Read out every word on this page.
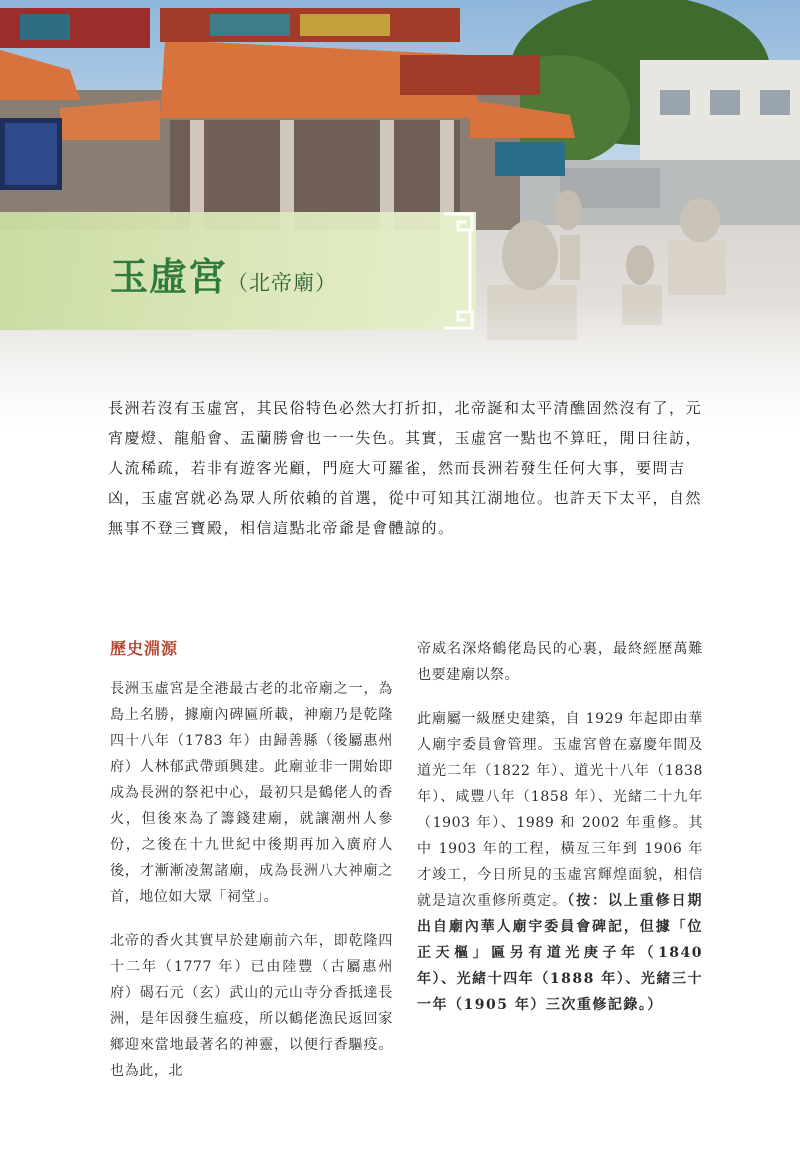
玉虛宮（北帝廟）

長洲若沒有玉虛宮，其民俗特色必然大打折扣，北帝誕和太平清醮固然沒有了，元宵慶燈、龍船會、盂蘭勝會也一一失色。其實，玉虛宮一點也不算旺，閒日往訪，人流稀疏，若非有遊客光顧，門庭大可羅雀，然而長洲若發生任何大事，要問吉凶，玉虛宮就必為眾人所依賴的首選，從中可知其江湖地位。也許天下太平，自然無事不登三寶殿，相信這點北帝爺是會體諒的。

歷史淵源

長洲玉虛宮是全港最古老的北帝廟之一，為島上名勝，據廟內碑匾所載，神廟乃是乾隆四十八年（1783 年）由歸善縣（後屬惠州府）人林郁武帶頭興建。此廟並非一開始即成為長洲的祭祀中心，最初只是鶴佬人的香火，但後來為了籌錢建廟，就讓潮州人參份，之後在十九世紀中後期再加入廣府人後，才漸漸凌駕諸廟，成為長洲八大神廟之首，地位如大眾「祠堂」。

北帝的香火其實早於建廟前六年，即乾隆四十二年（1777 年）已由陸豐（古屬惠州府）碣石元（玄）武山的元山寺分香抵達長洲，是年因發生瘟疫，所以鶴佬漁民返回家鄉迎來當地最著名的神靈，以便行香驅疫。也為此，北

帝威名深烙鶴佬島民的心裏，最終經歷萬難也要建廟以祭。

此廟屬一級歷史建築，自 1929 年起即由華人廟宇委員會管理。玉虛宮曾在嘉慶年間及道光二年（1822 年）、道光十八年（1838 年）、咸豐八年（1858 年）、光緒二十九年（1903 年）、1989 和 2002 年重修。其中 1903 年的工程，橫亙三年到 1906 年才竣工，今日所見的玉虛宮輝煌面貌，相信就是這次重修所奠定。（按：以上重修日期出自廟內華人廟宇委員會碑記，但據「位正天樞」匾另有道光庚子年（1840 年）、光緒十四年（1888 年）、光緒三十一年（1905 年）三次重修記錄。）
